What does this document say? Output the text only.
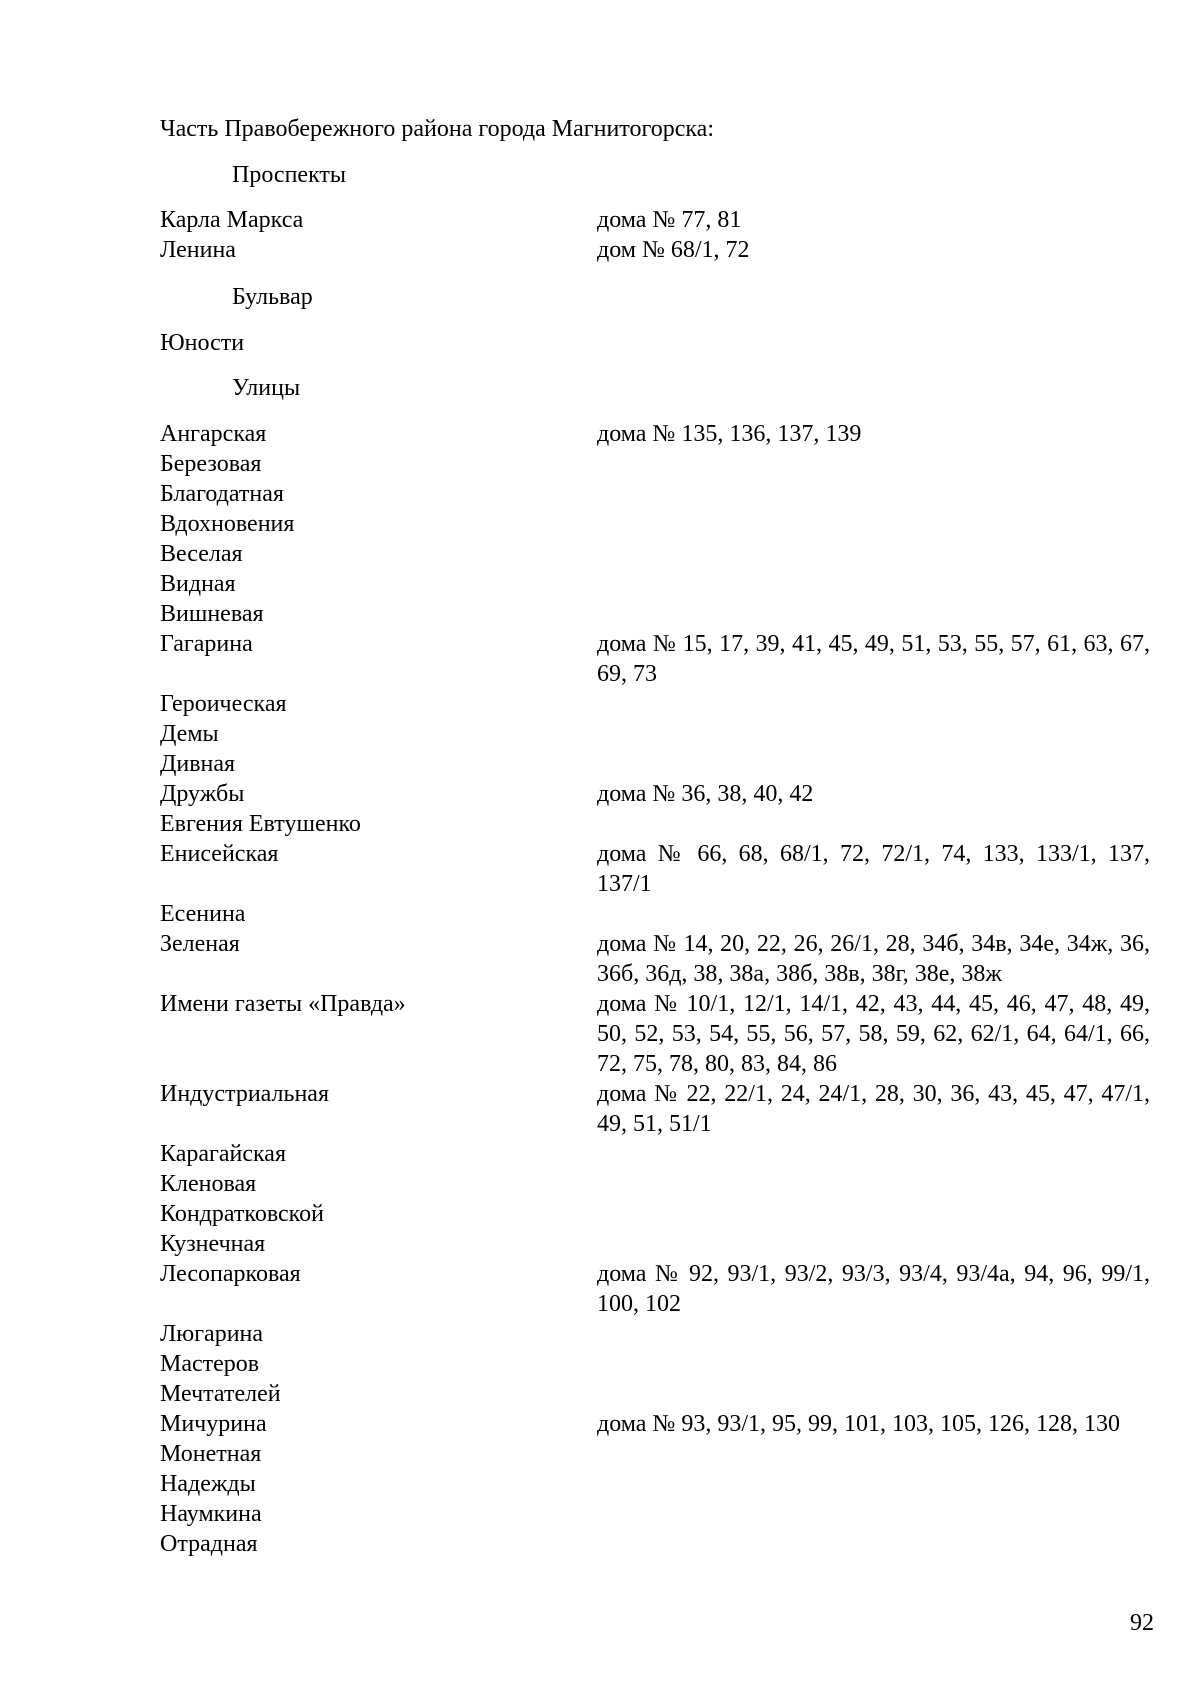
Часть Правобережного района города Магнитогорска:
Проспекты
Карла Маркса	дома № 77, 81
Ленина	дом № 68/1, 72
Бульвар
Юности
Улицы
Ангарская	дома № 135, 136, 137, 139
Березовая
Благодатная
Вдохновения
Веселая
Видная
Вишневая
Гагарина	дома № 15, 17, 39, 41, 45, 49, 51, 53, 55, 57, 61, 63, 67, 69, 73
Героическая
Демы
Дивная
Дружбы	дома № 36, 38, 40, 42
Евгения Евтушенко
Енисейская	дома № 66, 68, 68/1, 72, 72/1, 74, 133, 133/1, 137, 137/1
Есенина
Зеленая	дома № 14, 20, 22, 26, 26/1, 28, 34б, 34в, 34е, 34ж, 36, 36б, 36д, 38, 38а, 38б, 38в, 38г, 38е, 38ж
Имени газеты «Правда»	дома № 10/1, 12/1, 14/1, 42, 43, 44, 45, 46, 47, 48, 49, 50, 52, 53, 54, 55, 56, 57, 58, 59, 62, 62/1, 64, 64/1, 66, 72, 75, 78, 80, 83, 84, 86
Индустриальная	дома № 22, 22/1, 24, 24/1, 28, 30, 36, 43, 45, 47, 47/1, 49, 51, 51/1
Карагайская
Кленовая
Кондратковской
Кузнечная
Лесопарковая	дома № 92, 93/1, 93/2, 93/3, 93/4, 93/4а, 94, 96, 99/1, 100, 102
Люгарина
Мастеров
Мечтателей
Мичурина	дома № 93, 93/1, 95, 99, 101, 103, 105, 126, 128, 130
Монетная
Надежды
Наумкина
Отрадная
92
